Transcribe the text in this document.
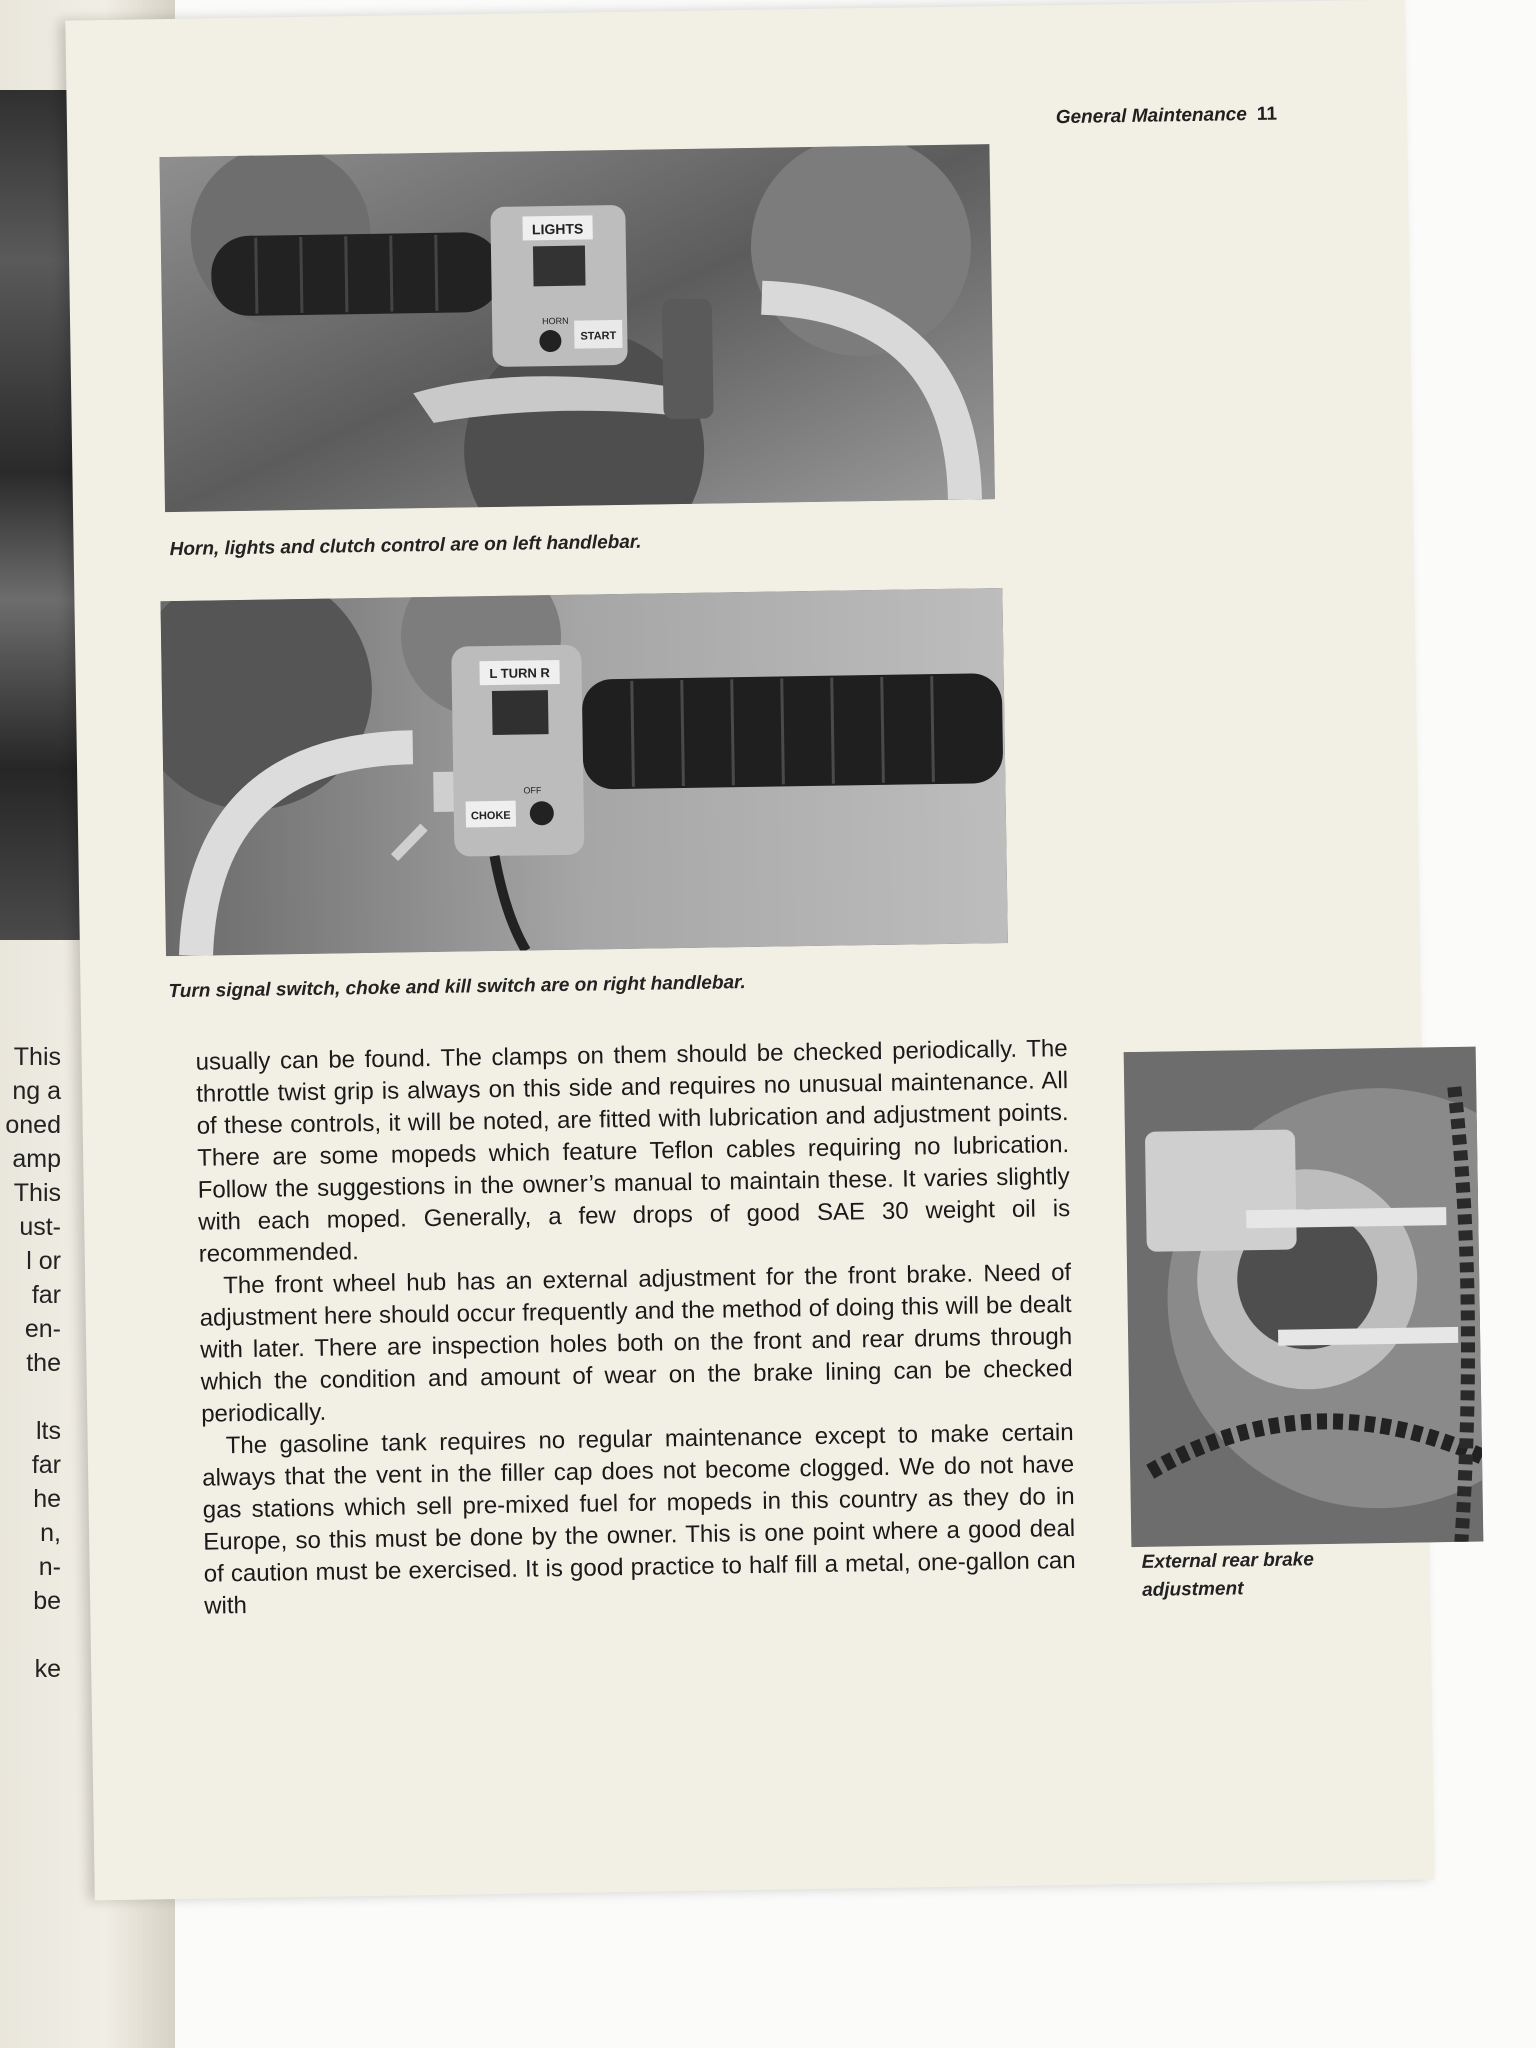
This
ng a
oned
amp
This
ust-
l or
far
en-
the

lts
far
he
n,
n-
be

ke
General Maintenance 11
LIGHTS
HORN
START
Horn, lights and clutch control are on left handlebar.
L TURN R
CHOKE
OFF
Turn signal switch, choke and kill switch are on right handlebar.

usually can be found. The clamps on them should be checked periodically. The throttle twist grip is always on this side and requires no unusual maintenance. All of these controls, it will be noted, are fitted with lubrication and adjustment points. There are some mopeds which feature Teflon cables requiring no lubrication. Follow the suggestions in the owner’s manual to maintain these. It varies slightly with each moped. Generally, a few drops of good SAE 30 weight oil is recommended.

The front wheel hub has an external adjustment for the front brake. Need of adjustment here should occur frequently and the method of doing this will be dealt with later. There are inspection holes both on the front and rear drums through which the condition and amount of wear on the brake lining can be checked periodically.

The gasoline tank requires no regular maintenance except to make certain always that the vent in the filler cap does not become clogged. We do not have gas stations which sell pre-mixed fuel for mopeds in this country as they do in Europe, so this must be done by the owner. This is one point where a good deal of caution must be exercised. It is good practice to half fill a metal, one-gallon can with

External rear brake adjustment
